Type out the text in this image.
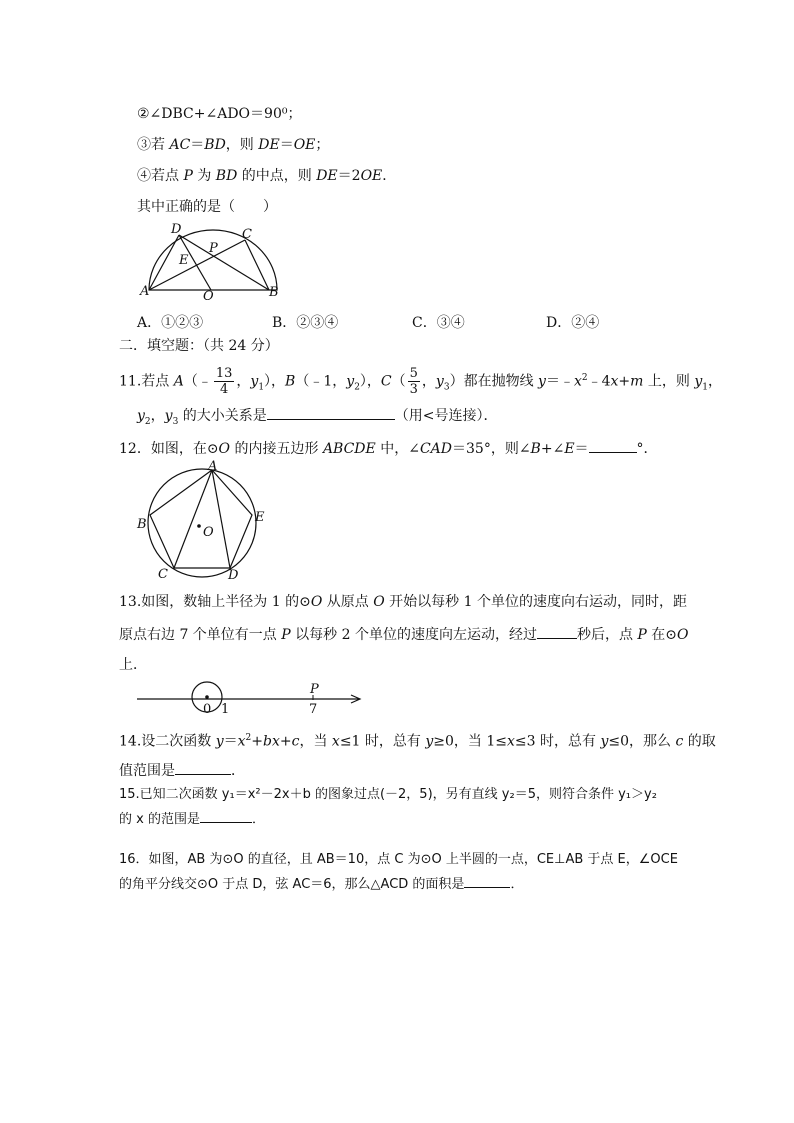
②∠DBC+∠ADO＝90⁰；
③若 AC＝BD，则 DE＝OE；
④若点 P 为 BD 的中点，则 DE＝2OE．
其中正确的是（　　）
D
P
C
E
A	O	B
A．①②③	B．②③④	C．③④	D．②④
二．填空题：（共 24 分）
11.若点 A（﹣ $\frac{13}{4}$ ，$y_1$），B（﹣1，$y_2$），$C( \frac{5}{3}$ ，$y_3$）都在抛物线 $y=﹣x^2﹣4x+m$ 上，则 $y_1$，
$y_2$，$y_3$ 的大小关系是	（用<号连接）．
12．如图，在⊙O 的内接五边形 ABCDE 中，∠CAD＝35°，则∠B+∠E＝	°．
A
B
O
E
C	D
13.如图，数轴上半径为 1 的⊙O 从原点 O 开始以每秒 1 个单位的速度向右运动，同时，距
原点右边 7 个单位有一点 P 以每秒 2 个单位的速度向左运动，经过	秒后，点 P 在⊙O
上．
P
0 1	7
14.设二次函数 $y=x^2+bx+c$，当 x≤1 时，总有 y≥0，当 1≤x≤3 时，总有 y≤0，那么 c 的取
值范围是	．
15.已知二次函数 y₁＝x²－2x＋b 的图象过点(－2，5)，另有直线 y₂＝5，则符合条件 y₁＞y₂
的 x 的范围是	．
16．如图，AB 为⊙O 的直径，且 AB＝10，点 C 为⊙O 上半圆的一点，CE⊥AB 于点 E，∠OCE
的角平分线交⊙O 于点 D，弦 AC＝6，那么△ACD 的面积是	．
